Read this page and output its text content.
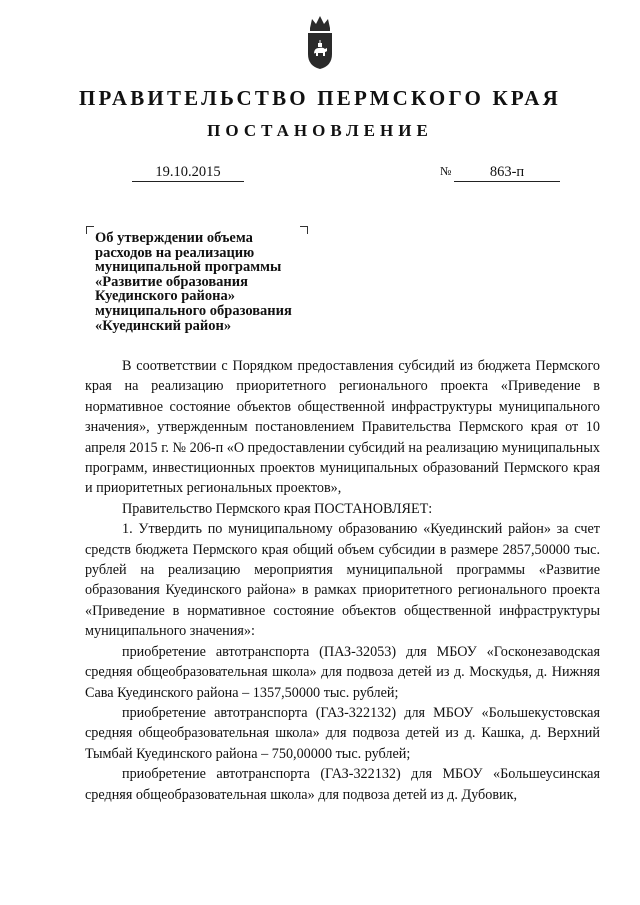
ПРАВИТЕЛЬСТВО ПЕРМСКОГО КРАЯ
ПОСТАНОВЛЕНИЕ
19.10.2015	№	863-п
Об утверждении объема
расходов на реализацию
муниципальной программы
«Развитие образования
Куединского района»
муниципального образования
«Куединский район»

В соответствии с Порядком предоставления субсидий из бюджета Пермского края на реализацию приоритетного регионального проекта «Приведение в нормативное состояние объектов общественной инфраструктуры муниципального значения», утвержденным постановлением Правительства Пермского края от 10 апреля 2015 г. № 206-п «О предоставлении субсидий на реализацию муниципальных программ, инвестиционных проектов муниципальных образований Пермского края и приоритетных региональных проектов»,

Правительство Пермского края ПОСТАНОВЛЯЕТ:

1. Утвердить по муниципальному образованию «Куединский район» за счет средств бюджета Пермского края общий объем субсидии в размере 2857,50000 тыс. рублей на реализацию мероприятия муниципальной программы «Развитие образования Куединского района» в рамках приоритетного регионального проекта «Приведение в нормативное состояние объектов общественной инфраструктуры муниципального значения»:

приобретение автотранспорта (ПАЗ-32053) для МБОУ «Госконезаводская средняя общеобразовательная школа» для подвоза детей из д. Москудья, д. Нижняя Сава Куединского района – 1357,50000 тыс. рублей;

приобретение автотранспорта (ГАЗ-322132) для МБОУ «Большекустовская средняя общеобразовательная школа» для подвоза детей из д. Кашка, д. Верхний Тымбай Куединского района – 750,00000 тыс. рублей;

приобретение автотранспорта (ГАЗ-322132) для МБОУ «Большеусинская средняя общеобразовательная школа» для подвоза детей из д. Дубовик,
